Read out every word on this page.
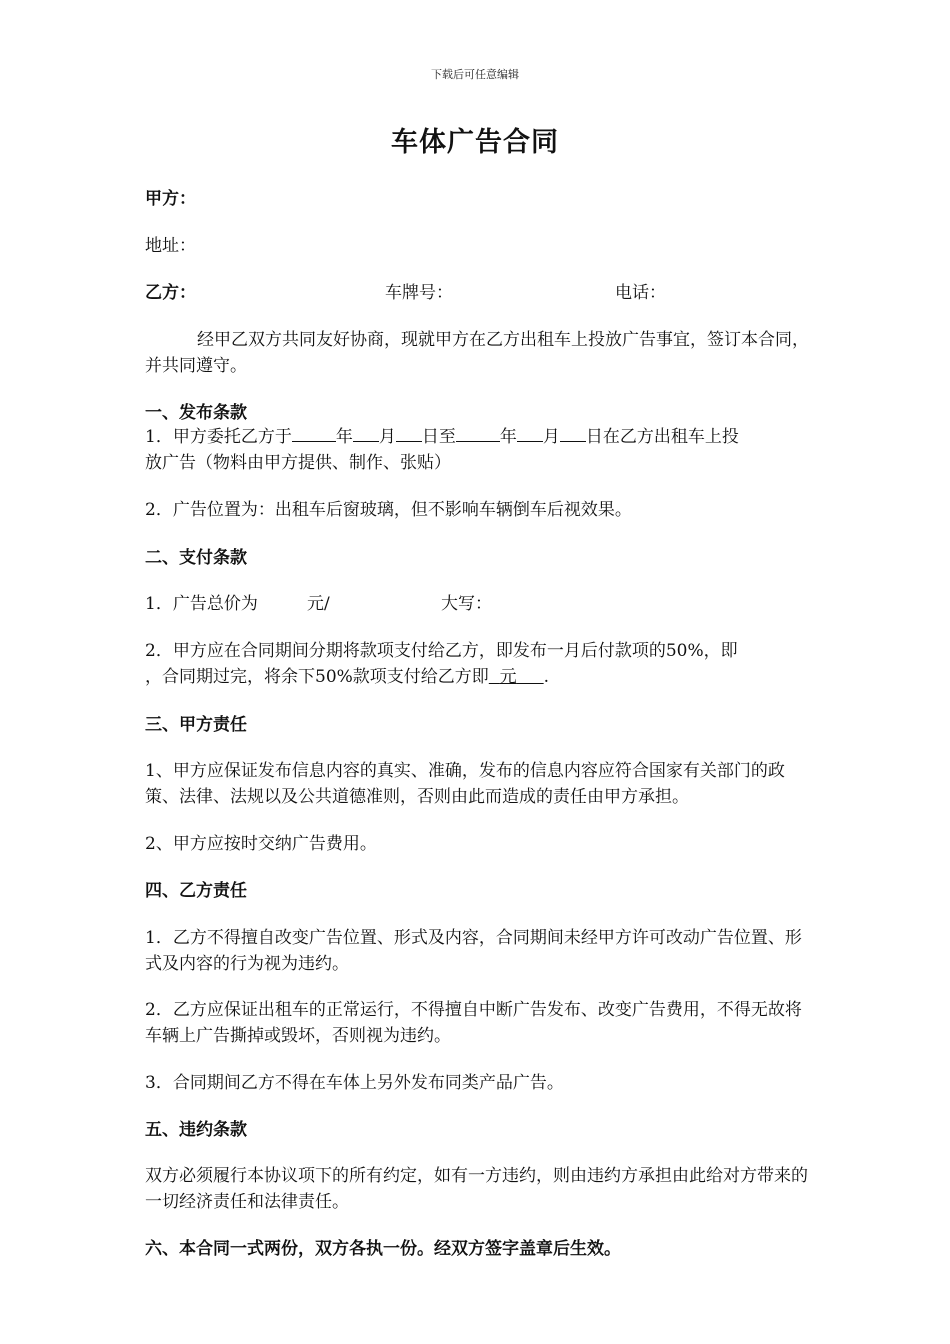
下载后可任意编辑
车体广告合同
甲方：
地址：
乙方：	车牌号：	电话：
经甲乙双方共同友好协商，现就甲方在乙方出租车上投放广告事宜，签订本合同，并共同遵守。
一、发布条款
1．甲方委托乙方于	年 月 日至	年 月 日在乙方出租车上投
放广告（物料由甲方提供、制作、张贴）
2．广告位置为：出租车后窗玻璃，但不影响车辆倒车后视效果。
二、支付条款
1．广告总价为	元/	大写：
2．甲方应在合同期间分期将款项支付给乙方，即发布一月后付款项的50%，即
，合同期过完，将余下50%款项支付给乙方即 元 .
三、甲方责任
1、甲方应保证发布信息内容的真实、准确，发布的信息内容应符合国家有关部门的政策、法律、法规以及公共道德准则，否则由此而造成的责任由甲方承担。
2、甲方应按时交纳广告费用。
四、乙方责任
1．乙方不得擅自改变广告位置、形式及内容，合同期间未经甲方许可改动广告位置、形式及内容的行为视为违约。
2．乙方应保证出租车的正常运行，不得擅自中断广告发布、改变广告费用，不得无故将车辆上广告撕掉或毁坏，否则视为违约。
3．合同期间乙方不得在车体上另外发布同类产品广告。
五、违约条款
双方必须履行本协议项下的所有约定，如有一方违约，则由违约方承担由此给对方带来的一切经济责任和法律责任。
六、本合同一式两份，双方各执一份。经双方签字盖章后生效。
